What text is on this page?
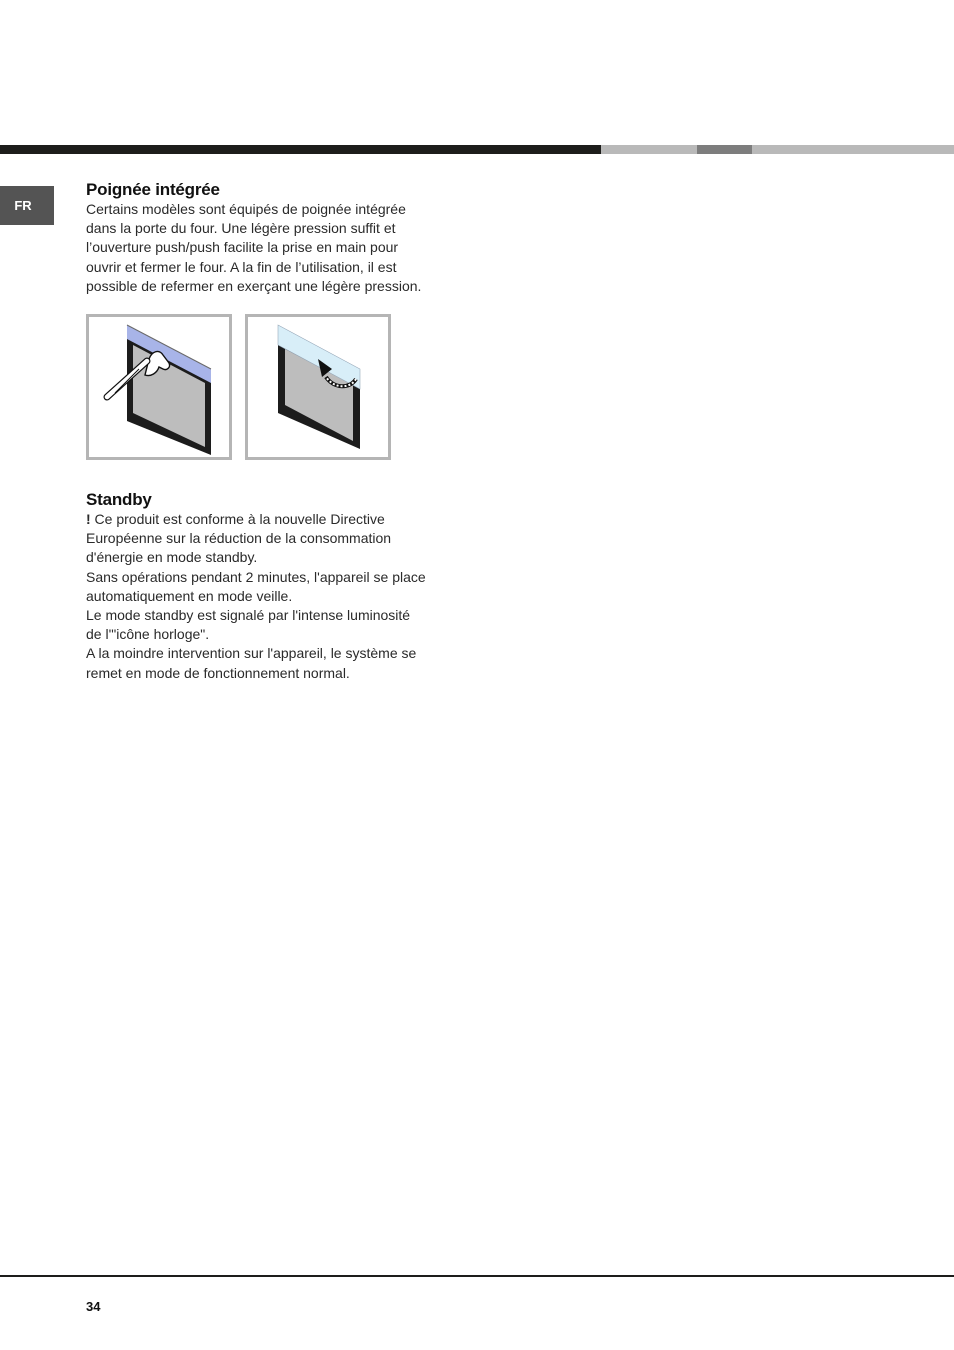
FR
Poignée intégrée

Certains modèles sont équipés de poignée intégrée

dans la porte du four. Une légère pression suffit et

l’ouverture push/push facilite la prise en main pour

ouvrir et fermer le four. A la fin de l’utilisation, il est

possible de refermer en exerçant une légère pression.

Standby

! Ce produit est conforme à la nouvelle Directive

Européenne sur la réduction de la consommation

d'énergie en mode standby.

Sans opérations pendant 2 minutes, l'appareil se place

automatiquement en mode veille.

Le mode standby est signalé par l'intense luminosité

de l'"icône horloge".

A la moindre intervention sur l'appareil, le système se

remet en mode de fonctionnement normal.

34
